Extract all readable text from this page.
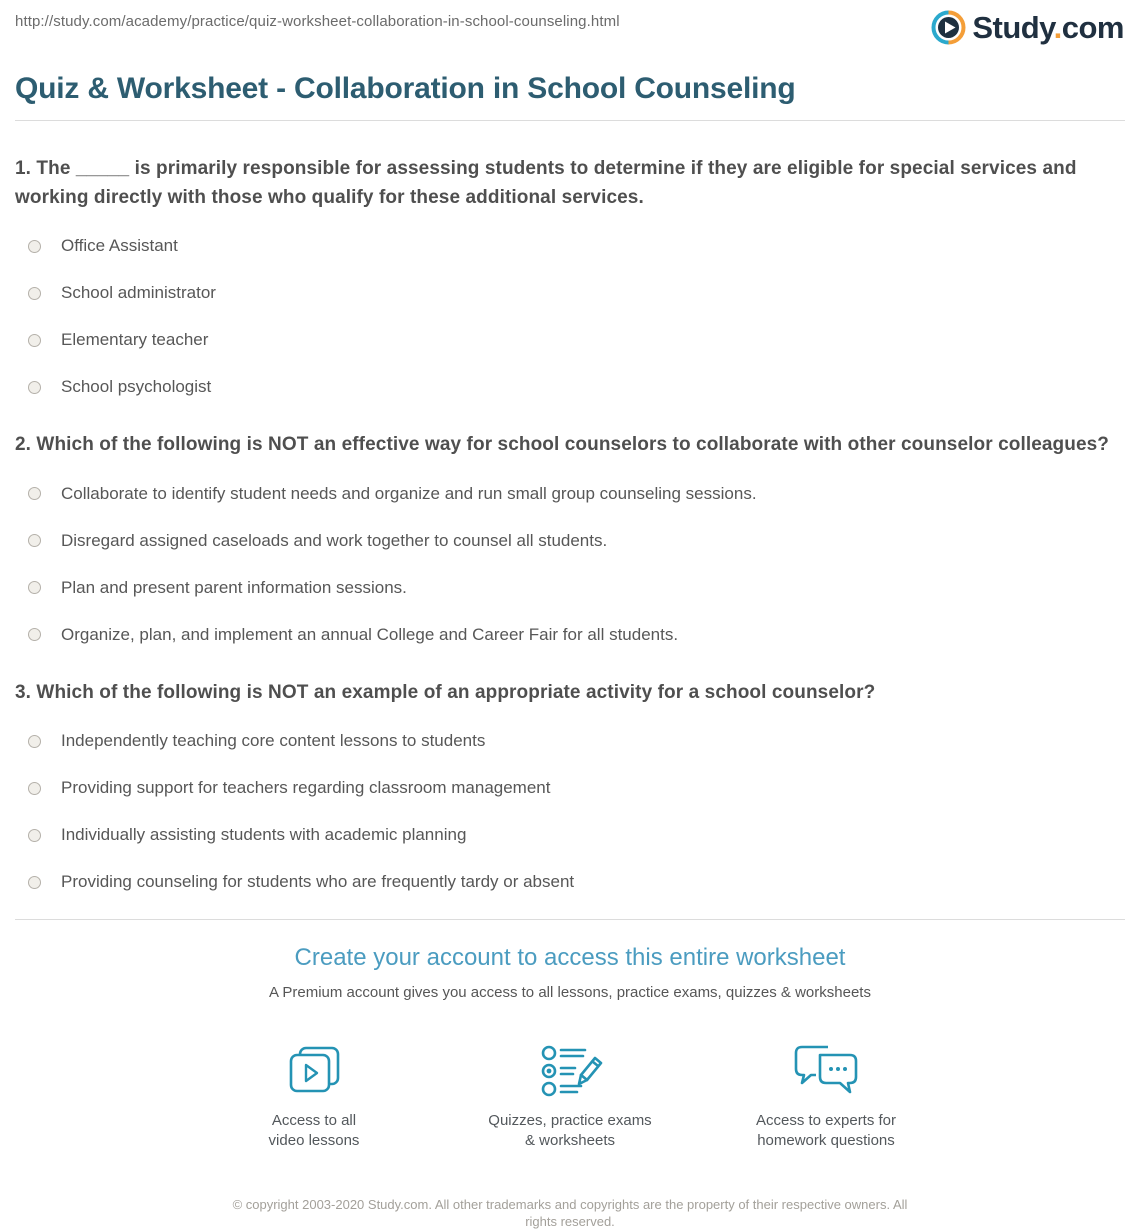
http://study.com/academy/practice/quiz-worksheet-collaboration-in-school-counseling.html	Study.com
Quiz & Worksheet - Collaboration in School Counseling
1. The _____ is primarily responsible for assessing students to determine if they are eligible for special services and working directly with those who qualify for these additional services.
Office Assistant
School administrator
Elementary teacher
School psychologist
2. Which of the following is NOT an effective way for school counselors to collaborate with other counselor colleagues?
Collaborate to identify student needs and organize and run small group counseling sessions.
Disregard assigned caseloads and work together to counsel all students.
Plan and present parent information sessions.
Organize, plan, and implement an annual College and Career Fair for all students.
3. Which of the following is NOT an example of an appropriate activity for a school counselor?
Independently teaching core content lessons to students
Providing support for teachers regarding classroom management
Individually assisting students with academic planning
Providing counseling for students who are frequently tardy or absent
Create your account to access this entire worksheet
A Premium account gives you access to all lessons, practice exams, quizzes & worksheets
Access to all
video lessons
Quizzes, practice exams
& worksheets
Access to experts for
homework questions
© copyright 2003-2020 Study.com. All other trademarks and copyrights are the property of their respective owners. All rights reserved.
